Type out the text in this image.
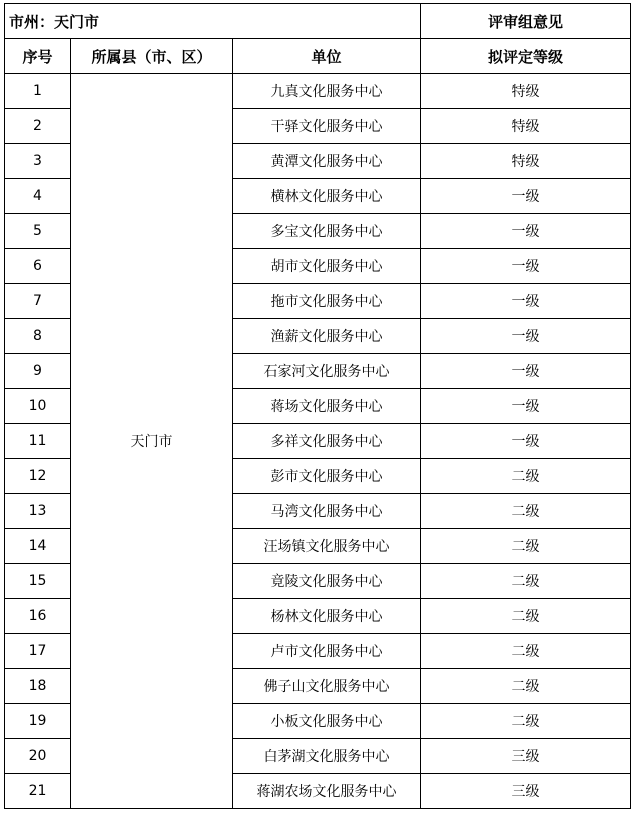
市州：天门市			评审组意见
序号	所属县（市、区）	单位	拟评定等级
1	天门市	九真文化服务中心	特级
2		干驿文化服务中心	特级
3		黄潭文化服务中心	特级
4		横林文化服务中心	一级
5		多宝文化服务中心	一级
6		胡市文化服务中心	一级
7		拖市文化服务中心	一级
8		渔薪文化服务中心	一级
9		石家河文化服务中心	一级
10		蒋场文化服务中心	一级
11		多祥文化服务中心	一级
12		彭市文化服务中心	二级
13		马湾文化服务中心	二级
14		汪场镇文化服务中心	二级
15		竟陵文化服务中心	二级
16		杨林文化服务中心	二级
17		卢市文化服务中心	二级
18		佛子山文化服务中心	二级
19		小板文化服务中心	二级
20		白茅湖文化服务中心	三级
21		蒋湖农场文化服务中心	三级
